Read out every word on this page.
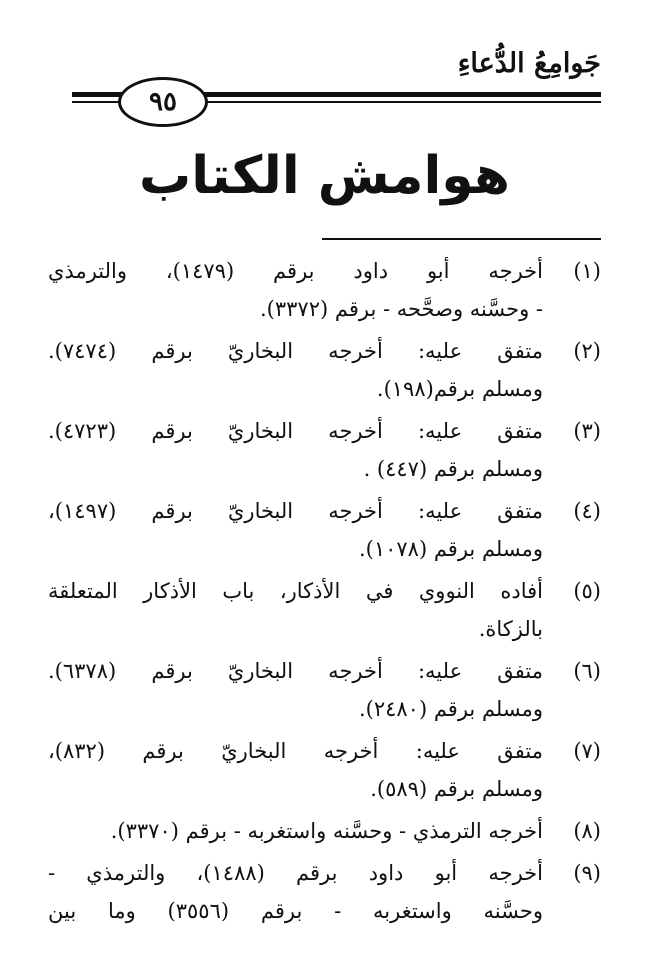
جَوامِعُ الدُّعاءِ
٩٥
هوامش الكتاب
(١)
أخرجه أبو داود برقم (١٤٧٩)، والترمذي
- وحسَّنه وصحَّحه - برقم (٣٣٧٢).
(٢)
متفق عليه: أخرجه البخاريّ برقم (٧٤٧٤).
ومسلم برقم(١٩٨).
(٣)
متفق عليه: أخرجه البخاريّ برقم (٤٧٢٣).
ومسلم برقم (٤٤٧) .
(٤)
متفق عليه: أخرجه البخاريّ برقم (١٤٩٧)،
ومسلم برقم (١٠٧٨).
(٥)
أفاده النووي في الأذكار، باب الأذكار المتعلقة
بالزكاة.
(٦)
متفق عليه: أخرجه البخاريّ برقم (٦٣٧٨).
ومسلم برقم (٢٤٨٠).
(٧)
متفق عليه: أخرجه البخاريّ برقم (٨٣٢)،
ومسلم برقم (٥٨٩).
(٨)
أخرجه الترمذي - وحسَّنه واستغربه - برقم (٣٣٧٠).
(٩)
أخرجه أبو داود برقم (١٤٨٨)، والترمذي -
وحسَّنه واستغربه - برقم (٣٥٥٦) وما بين
